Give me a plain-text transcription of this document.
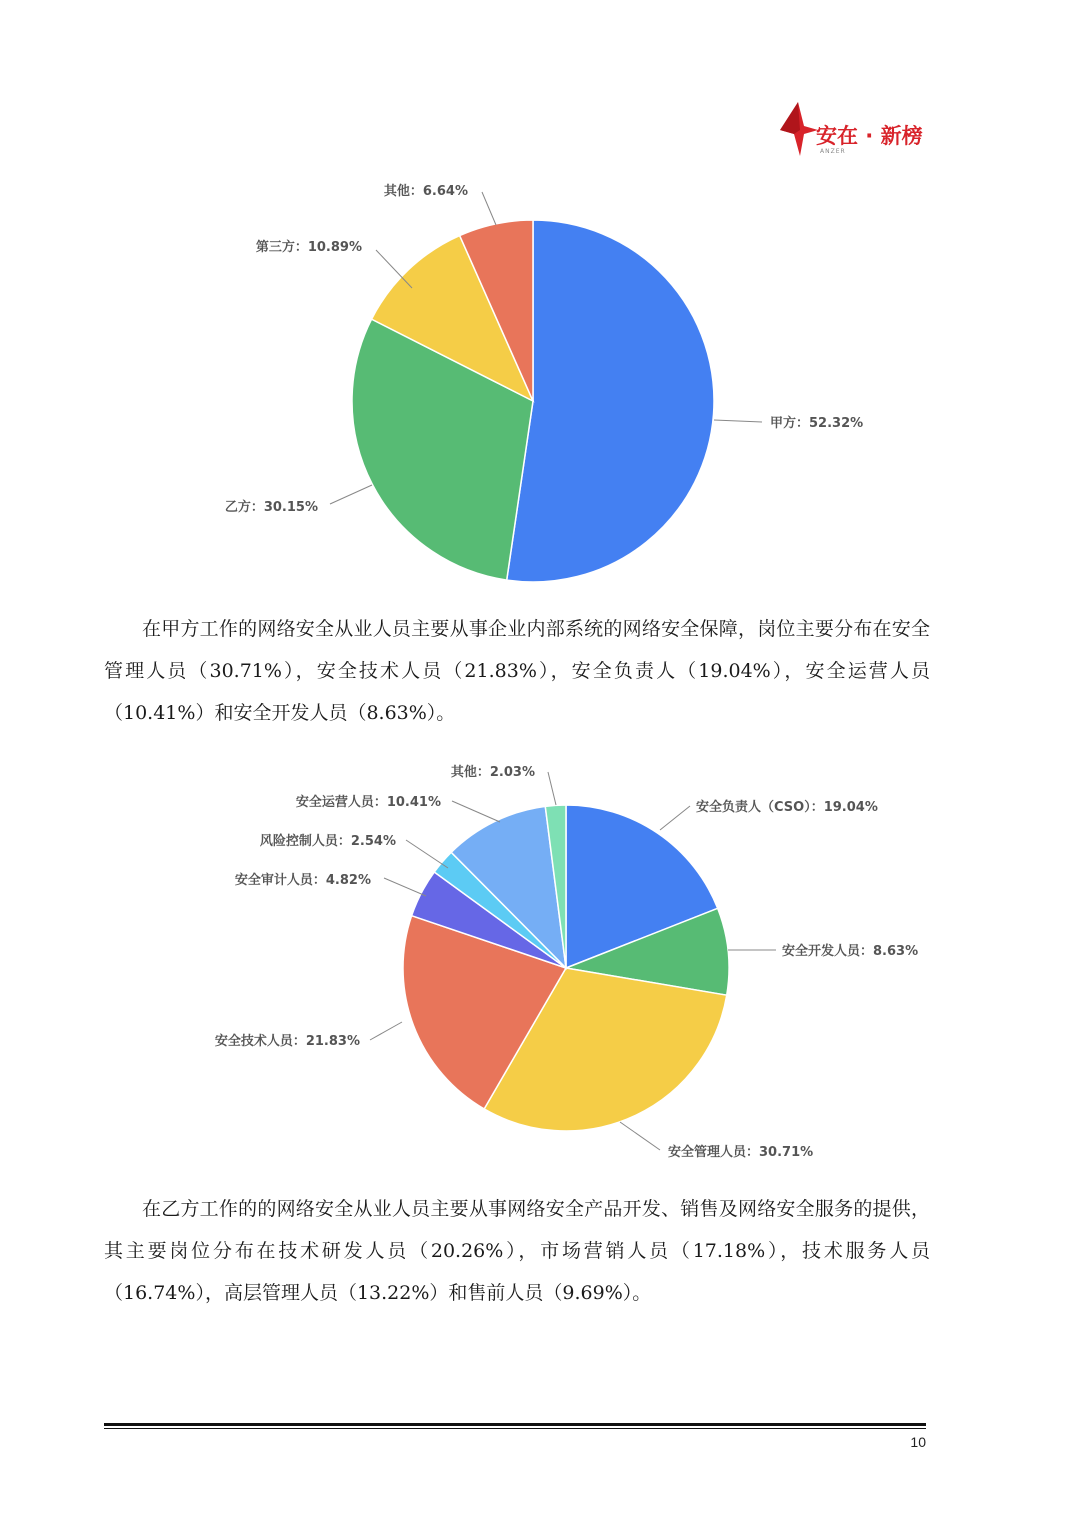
安在 · 新榜
ANZER
甲方：52.32%
乙方：30.15%
第三方：10.89%
其他：6.64%

在甲方工作的网络安全从业人员主要从事企业内部系统的网络安全保障，岗位主要分布在安全管理人员（30.71%），安全技术人员（21.83%），安全负责人（19.04%），安全运营人员（10.41%）和安全开发人员（8.63%）。

安全负责人（CSO）：19.04%
安全开发人员：8.63%
安全管理人员：30.71%
安全技术人员：21.83%
安全审计人员：4.82%
风险控制人员：2.54%
安全运营人员：10.41%
其他：2.03%

在乙方工作的的网络安全从业人员主要从事网络安全产品开发、销售及网络安全服务的提供，其主要岗位分布在技术研发人员（20.26%），市场营销人员（17.18%），技术服务人员（16.74%），高层管理人员（13.22%）和售前人员（9.69%）。

10
